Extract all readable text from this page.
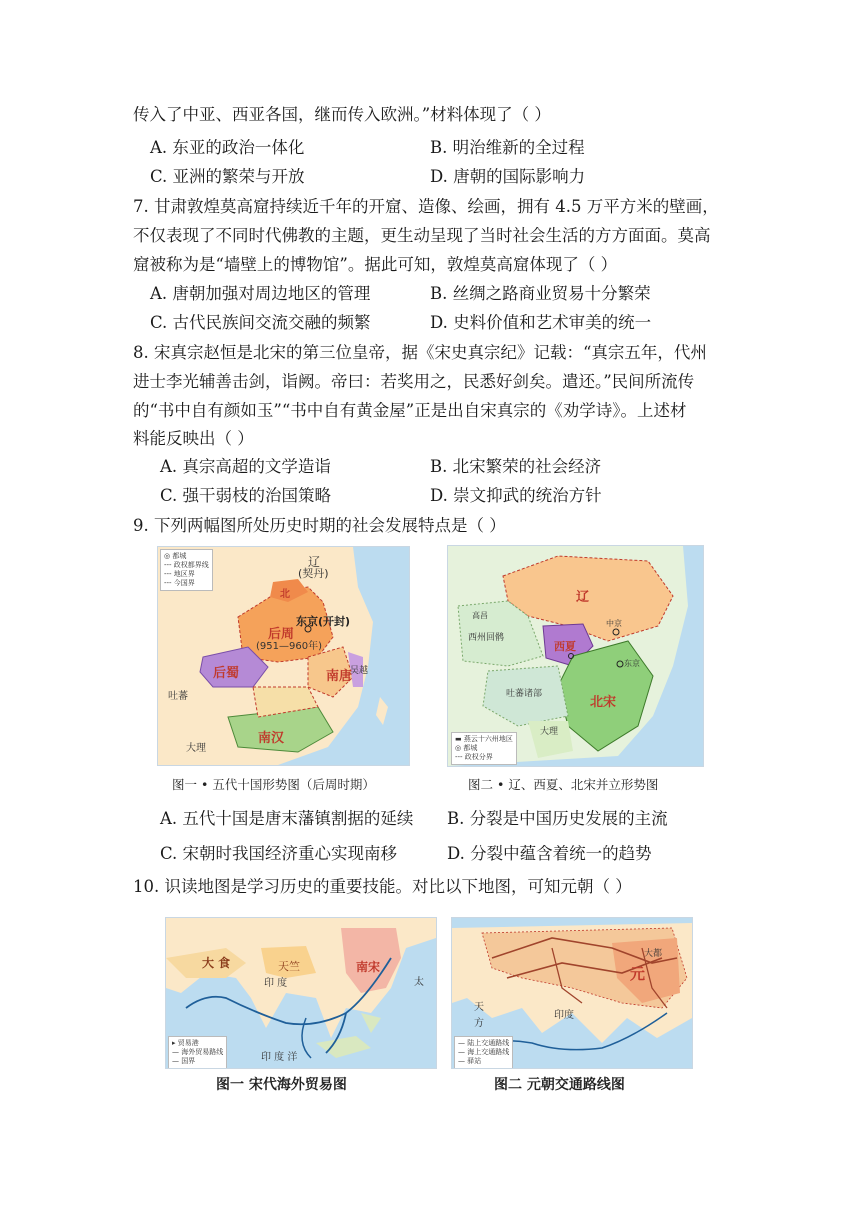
传入了中亚、西亚各国，继而传入欧洲。”材料体现了（ ）
A. 东亚的政治一体化	B. 明治维新的全过程
C. 亚洲的繁荣与开放	D. 唐朝的国际影响力
7. 甘肃敦煌莫高窟持续近千年的开窟、造像、绘画，拥有 4.5 万平方米的壁画，
不仅表现了不同时代佛教的主题，更生动呈现了当时社会生活的方方面面。莫高
窟被称为是“墙壁上的博物馆”。据此可知，敦煌莫高窟体现了（ ）
A. 唐朝加强对周边地区的管理	B. 丝绸之路商业贸易十分繁荣
C. 古代民族间交流交融的频繁	D. 史料价值和艺术审美的统一
8. 宋真宗赵恒是北宋的第三位皇帝，据《宋史真宗纪》记载：“真宗五年，代州
进士李光辅善击剑，诣阙。帝曰：若奖用之，民悉好剑矣。遣还。”民间所流传
的“书中自有颜如玉”“书中自有黄金屋”正是出自宋真宗的《劝学诗》。上述材
料能反映出（ ）
A. 真宗高超的文学造诣	B. 北宋繁荣的社会经济
C. 强干弱枝的治国策略	D. 崇文抑武的统治方针
9. 下列两幅图所处历史时期的社会发展特点是（ ）
◎ 都城
--- 政权都界线
--- 地区界
--- 今国界
辽
(契丹)
北
东京(开封)
后周
(951—960年)
后蜀	南唐
南汉
吐蕃
大理
吴越
辽
西夏
北宋
中京
东京
吐蕃诸部
大理
西州回鹘
高昌
▬ 燕云十六州地区
◎ 都城
--- 政权分界
图一 • 五代十国形势图（后周时期）	图二 • 辽、西夏、北宋并立形势图
A. 五代十国是唐末藩镇割据的延续 B. 分裂是中国历史发展的主流
C. 宋朝时我国经济重心实现南移	D. 分裂中蕴含着统一的趋势
10. 识读地图是学习历史的重要技能。对比以下地图，可知元朝（ ）
大 食	天竺
印 度
南宋
太
印 度 洋
▸ 贸易港
— 海外贸易路线
— 国界
元
大都
印度
天
方
— 陆上交通路线
— 海上交通路线
— 驿站
图一 宋代海外贸易图	图二 元朝交通路线图
